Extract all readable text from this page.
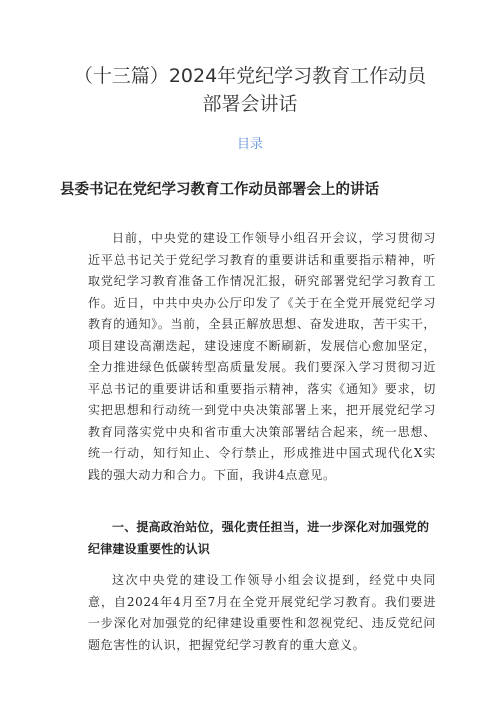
（十三篇）2024年党纪学习教育工作动员
部署会讲话
目录
县委书记在党纪学习教育工作动员部署会上的讲话

日前，中央党的建设工作领导小组召开会议，学习贯彻习近平总书记关于党纪学习教育的重要讲话和重要指示精神，听取党纪学习教育准备工作情况汇报，研究部署党纪学习教育工作。近日，中共中央办公厅印发了《关于在全党开展党纪学习教育的通知》。当前，全县正解放思想、奋发进取，苦干实干，项目建设高潮迭起，建设速度不断刷新，发展信心愈加坚定，全力推进绿色低碳转型高质量发展。我们要深入学习贯彻习近平总书记的重要讲话和重要指示精神，落实《通知》要求，切实把思想和行动统一到党中央决策部署上来，把开展党纪学习教育同落实党中央和省市重大决策部署结合起来，统一思想、统一行动，知行知止、令行禁止，形成推进中国式现代化X实践的强大动力和合力。下面，我讲4点意见。

一、提高政治站位，强化责任担当，进一步深化对加强党的纪律建设重要性的认识

这次中央党的建设工作领导小组会议提到，经党中央同意，自2024年4月至7月在全党开展党纪学习教育。我们要进一步深化对加强党的纪律建设重要性和忽视党纪、违反党纪问题危害性的认识，把握党纪学习教育的重大意义。
